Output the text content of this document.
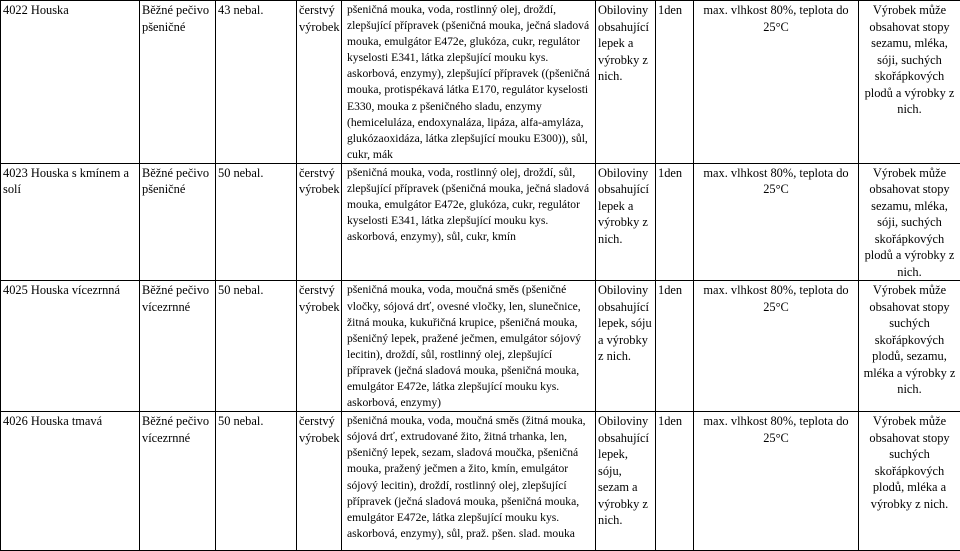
4022 Houska	Běžné pečivo pšeničné	43 nebal.	čerstvý výrobek	pšeničná mouka, voda, rostlinný olej, droždí, zlepšující přípravek (pšeničná mouka, ječná sladová mouka, emulgátor E472e, glukóza, cukr, regulátor kyselosti E341, látka zlepšující mouku kys. askorbová, enzymy), zlepšující přípravek ((pšeničná mouka, protispékavá látka E170, regulátor kyselosti E330, mouka z pšeničného sladu, enzymy (hemiceluláza, endoxynaláza, lipáza, alfa-amyláza, glukózaoxidáza, látka zlepšující mouku E300)), sůl, cukr, mák	Obiloviny obsahující lepek a výrobky z nich.	1den	max. vlhkost 80%, teplota do 25°C	Výrobek může obsahovat stopy sezamu, mléka, sóji, suchých skořápkových plodů a výrobky z nich.
4023 Houska s kmínem a solí	Běžné pečivo pšeničné	50 nebal.	čerstvý výrobek	pšeničná mouka, voda, rostlinný olej, droždí, sůl, zlepšující přípravek (pšeničná mouka, ječná sladová mouka, emulgátor E472e, glukóza, cukr, regulátor kyselosti E341, látka zlepšující mouku kys. askorbová, enzymy), sůl, cukr, kmín	Obiloviny obsahující lepek a výrobky z nich.	1den	max. vlhkost 80%, teplota do 25°C	Výrobek může obsahovat stopy sezamu, mléka, sóji, suchých skořápkových plodů a výrobky z nich.
4025 Houska vícezrnná	Běžné pečivo vícezrnné	50 nebal.	čerstvý výrobek	pšeničná mouka, voda, moučná směs (pšeničné vločky, sójová drť, ovesné vločky, len, slunečnice, žitná mouka, kukuřičná krupice, pšeničná mouka, pšeničný lepek, pražené ječmen, emulgátor sójový lecitin), droždí, sůl, rostlinný olej, zlepšující přípravek (ječná sladová mouka, pšeničná mouka, emulgátor E472e, látka zlepšující mouku kys. askorbová, enzymy)	Obiloviny obsahující lepek, sóju a výrobky z nich.	1den	max. vlhkost 80%, teplota do 25°C	Výrobek může obsahovat stopy suchých skořápkových plodů, sezamu, mléka a výrobky z nich.
4026 Houska tmavá	Běžné pečivo vícezrnné	50 nebal.	čerstvý výrobek	pšeničná mouka, voda, moučná směs (žitná mouka, sójová drť, extrudované žito, žitná trhanka, len, pšeničný lepek, sezam, sladová moučka, pšeničná mouka, pražený ječmen a žito, kmín, emulgátor sójový lecitin), droždí, rostlinný olej, zlepšující přípravek (ječná sladová mouka, pšeničná mouka, emulgátor E472e, látka zlepšující mouku kys. askorbová, enzymy), sůl, praž. pšen. slad. mouka	Obiloviny obsahující lepek, sóju, sezam a výrobky z nich.	1den	max. vlhkost 80%, teplota do 25°C	Výrobek může obsahovat stopy suchých skořápkových plodů, mléka a výrobky z nich.
